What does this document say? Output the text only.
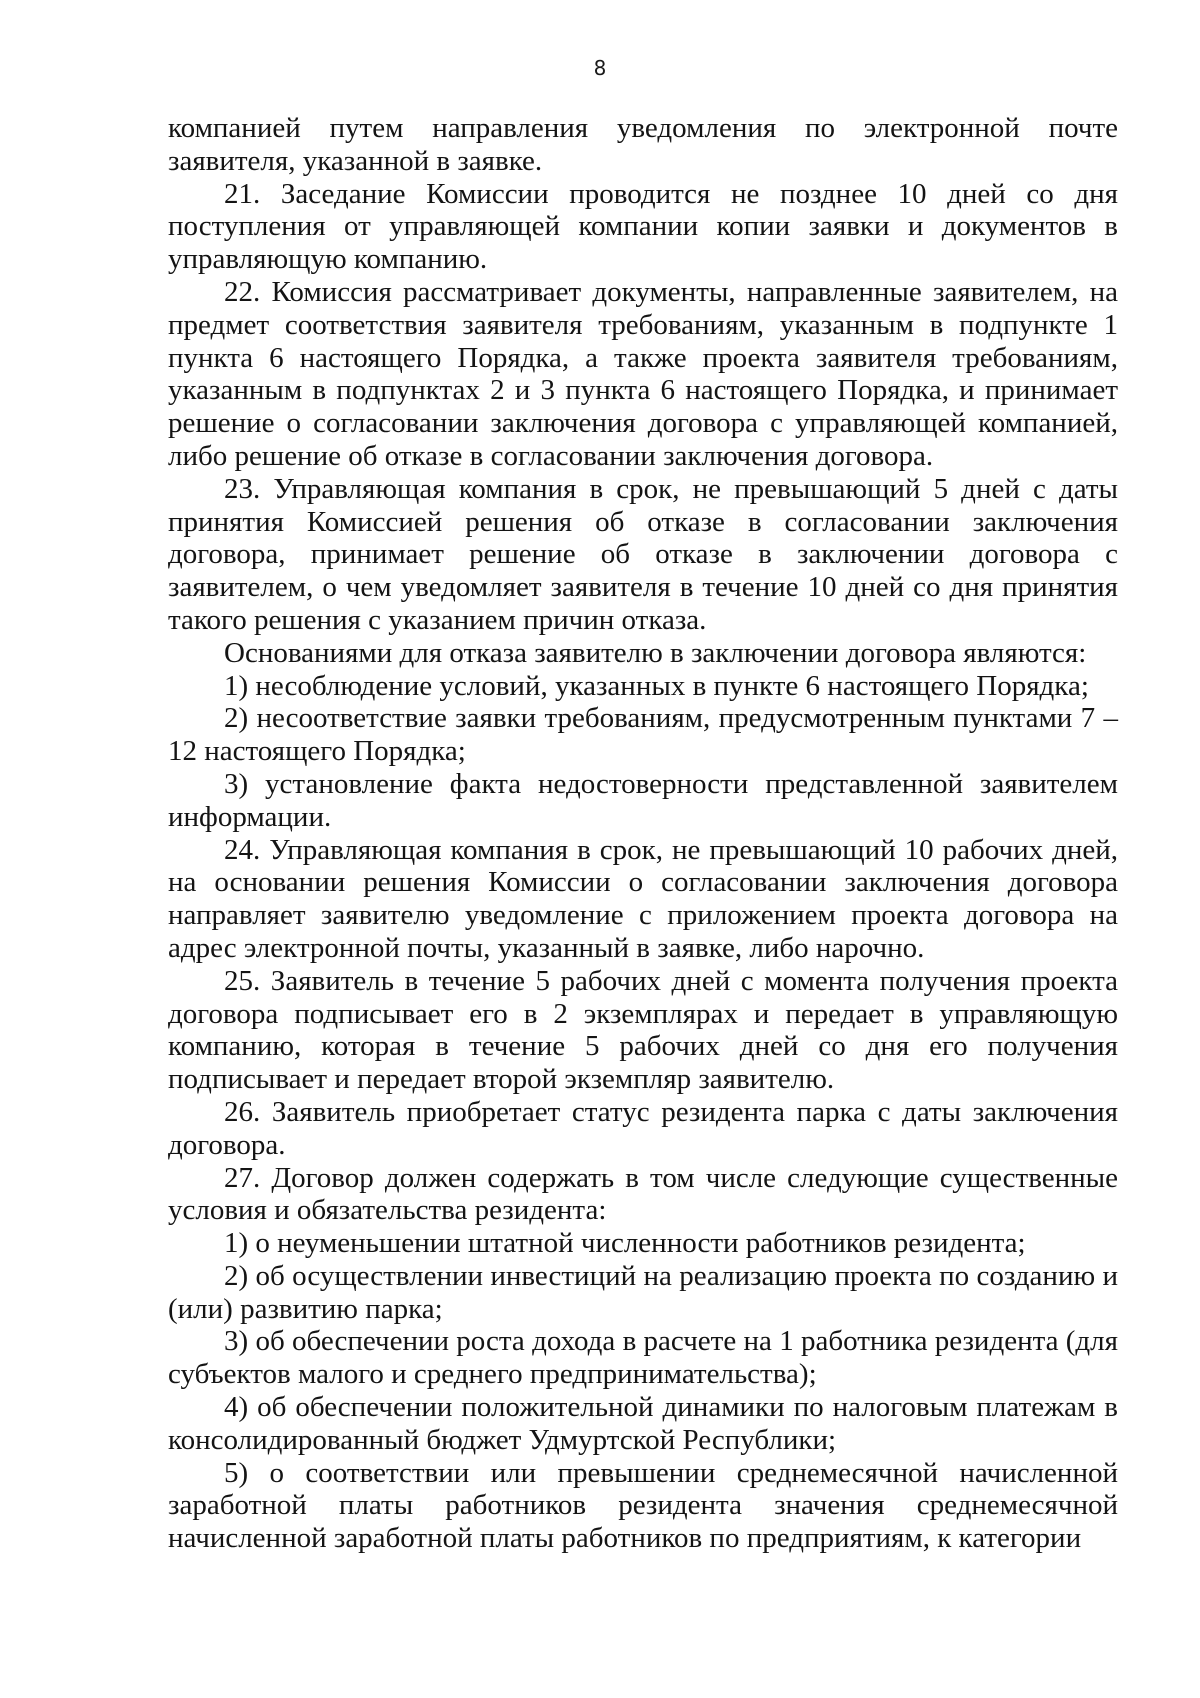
8

компанией путем направления уведомления по электронной почте заявителя, указанной в заявке.

21. Заседание Комиссии проводится не позднее 10 дней со дня поступления от управляющей компании копии заявки и документов в управляющую компанию.

22. Комиссия рассматривает документы, направленные заявителем, на предмет соответствия заявителя требованиям, указанным в подпункте 1 пункта 6 настоящего Порядка, а также проекта заявителя требованиям, указанным в подпунктах 2 и 3 пункта 6 настоящего Порядка, и принимает решение о согласовании заключения договора с управляющей компанией, либо решение об отказе в согласовании заключения договора.

23. Управляющая компания в срок, не превышающий 5 дней с даты принятия Комиссией решения об отказе в согласовании заключения договора, принимает решение об отказе в заключении договора с заявителем, о чем уведомляет заявителя в течение 10 дней со дня принятия такого решения с указанием причин отказа.

Основаниями для отказа заявителю в заключении договора являются:

1) несоблюдение условий, указанных в пункте 6 настоящего Порядка;

2) несоответствие заявки требованиям, предусмотренным пунктами 7 – 12 настоящего Порядка;

3) установление факта недостоверности представленной заявителем информации.

24. Управляющая компания в срок, не превышающий 10 рабочих дней, на основании решения Комиссии о согласовании заключения договора направляет заявителю уведомление с приложением проекта договора на адрес электронной почты, указанный в заявке, либо нарочно.

25. Заявитель в течение 5 рабочих дней с момента получения проекта договора подписывает его в 2 экземплярах и передает в управляющую компанию, которая в течение 5 рабочих дней со дня его получения подписывает и передает второй экземпляр заявителю.

26. Заявитель приобретает статус резидента парка с даты заключения договора.

27. Договор должен содержать в том числе следующие существенные условия и обязательства резидента:

1) о неуменьшении штатной численности работников резидента;

2) об осуществлении инвестиций на реализацию проекта по созданию и (или) развитию парка;

3) об обеспечении роста дохода в расчете на 1 работника резидента (для субъектов малого и среднего предпринимательства);

4) об обеспечении положительной динамики по налоговым платежам в консолидированный бюджет Удмуртской Республики;

5) о соответствии или превышении среднемесячной начисленной заработной платы работников резидента значения среднемесячной начисленной заработной платы работников по предприятиям, к категории
